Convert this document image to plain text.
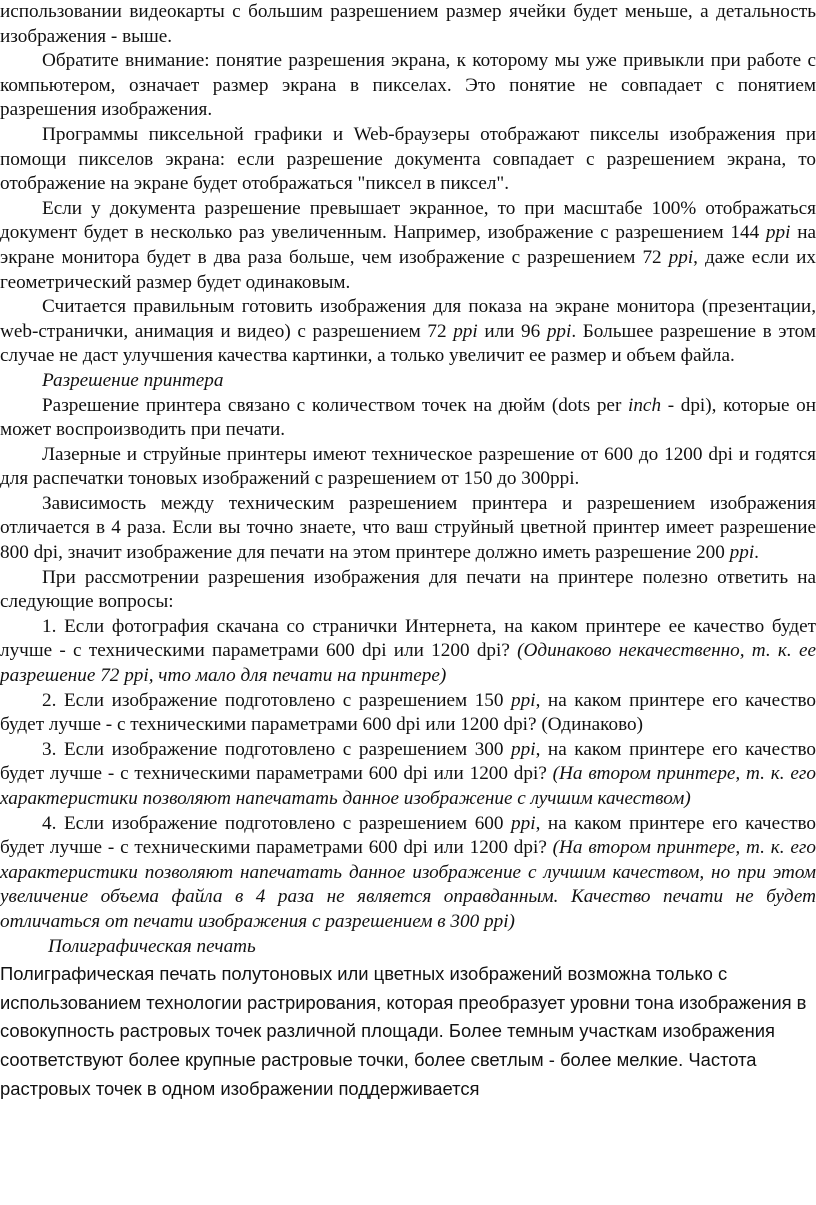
использовании видеокарты с большим разрешением размер ячейки будет меньше, а детальность изображения - выше.

Обратите внимание: понятие разрешения экрана, к которому мы уже привыкли при работе с компьютером, означает размер экрана в пикселах. Это понятие не совпадает с понятием разрешения изображения.

Программы пиксельной графики и Web-браузеры отображают пикселы изображения при помощи пикселов экрана: если разрешение документа совпадает с разрешением экрана, то отображение на экране будет отображаться "пиксел в пиксел".

Если у документа разрешение превышает экранное, то при масштабе 100% отображаться документ будет в несколько раз увеличенным. Например, изображение с разрешением 144 ppi на экране монитора будет в два раза больше, чем изображение с разрешением 72 ppi, даже если их геометрический размер будет одинаковым.

Считается правильным готовить изображения для показа на экране монитора (презентации, web-странички, анимация и видео) с разрешением 72 ppi или 96 ppi. Большее разрешение в этом случае не даст улучшения качества картинки, а только увеличит ее размер и объем файла.

Разрешение принтера

Разрешение принтера связано с количеством точек на дюйм (dots per inch - dpi), которые он может воспроизводить при печати.

Лазерные и струйные принтеры имеют техническое разрешение от 600 до 1200 dpi и годятся для распечатки тоновых изображений с разрешением от 150 до 300ppi.

Зависимость между техническим разрешением принтера и разрешением изображения отличается в 4 раза. Если вы точно знаете, что ваш струйный цветной принтер имеет разрешение 800 dpi, значит изображение для печати на этом принтере должно иметь разрешение 200 ppi.

При рассмотрении разрешения изображения для печати на принтере полезно ответить на следующие вопросы:

1. Если фотография скачана со странички Интернета, на каком принтере ее качество будет лучше - с техническими параметрами 600 dpi или 1200 dpi? (Одинаково некачественно, т. к. ее разрешение 72 ppi, что мало для печати на принтере)

2. Если изображение подготовлено с разрешением 150 ppi, на каком принтере его качество будет лучше - с техническими параметрами 600 dpi или 1200 dpi? (Одинаково)

3. Если изображение подготовлено с разрешением 300 ppi, на каком принтере его качество будет лучше - с техническими параметрами 600 dpi или 1200 dpi? (На втором принтере, т. к. его характеристики позволяют напечатать данное изображение с лучшим качеством)

4. Если изображение подготовлено с разрешением 600 ppi, на каком принтере его качество будет лучше - с техническими параметрами 600 dpi или 1200 dpi? (На втором принтере, т. к. его характеристики позволяют напечатать данное изображение с лучшим качеством, но при этом увеличение объема файла в 4 раза не является оправданным. Качество печати не будет отличаться от печати изображения с разрешением в 300 ppi)

Полиграфическая печать

Полиграфическая печать полутоновых или цветных изображений возможна только с использованием технологии растрирования, которая преобразует уровни тона изображения в совокупность растровых точек различной площади. Более темным участкам изображения соответствуют более крупные растровые точки, более светлым - более мелкие. Частота растровых точек в одном изображении поддерживается
